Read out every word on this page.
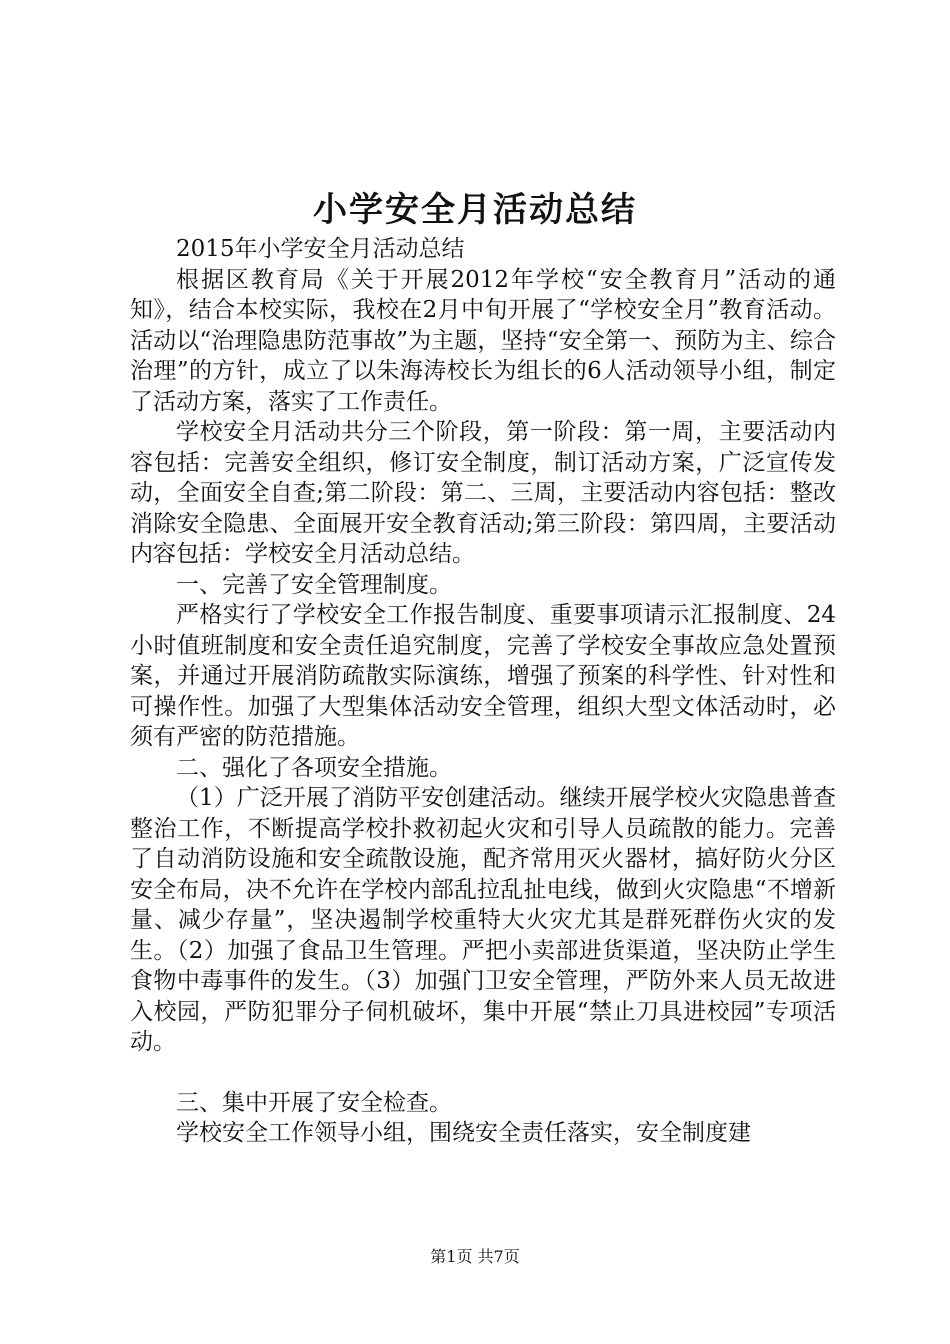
小学安全月活动总结

2015年小学安全月活动总结

根据区教育局《关于开展2012年学校“安全教育月”活动的通知》，结合本校实际，我校在2月中旬开展了“学校安全月”教育活动。活动以“治理隐患防范事故”为主题，坚持“安全第一、预防为主、综合治理”的方针，成立了以朱海涛校长为组长的6人活动领导小组，制定了活动方案，落实了工作责任。

学校安全月活动共分三个阶段，第一阶段：第一周，主要活动内容包括：完善安全组织，修订安全制度，制订活动方案，广泛宣传发动，全面安全自查;第二阶段：第二、三周，主要活动内容包括：整改消除安全隐患、全面展开安全教育活动;第三阶段：第四周，主要活动内容包括：学校安全月活动总结。

一、完善了安全管理制度。

严格实行了学校安全工作报告制度、重要事项请示汇报制度、24小时值班制度和安全责任追究制度，完善了学校安全事故应急处置预案，并通过开展消防疏散实际演练，增强了预案的科学性、针对性和可操作性。加强了大型集体活动安全管理，组织大型文体活动时，必须有严密的防范措施。

二、强化了各项安全措施。

（1）广泛开展了消防平安创建活动。继续开展学校火灾隐患普查整治工作，不断提高学校扑救初起火灾和引导人员疏散的能力。完善了自动消防设施和安全疏散设施，配齐常用灭火器材，搞好防火分区安全布局，决不允许在学校内部乱拉乱扯电线，做到火灾隐患“不增新量、减少存量”，坚决遏制学校重特大火灾尤其是群死群伤火灾的发生。（2）加强了食品卫生管理。严把小卖部进货渠道，坚决防止学生食物中毒事件的发生。（3）加强门卫安全管理，严防外来人员无故进入校园，严防犯罪分子伺机破坏，集中开展“禁止刀具进校园”专项活动。

三、集中开展了安全检查。

学校安全工作领导小组，围绕安全责任落实，安全制度建

第1页 共7页
